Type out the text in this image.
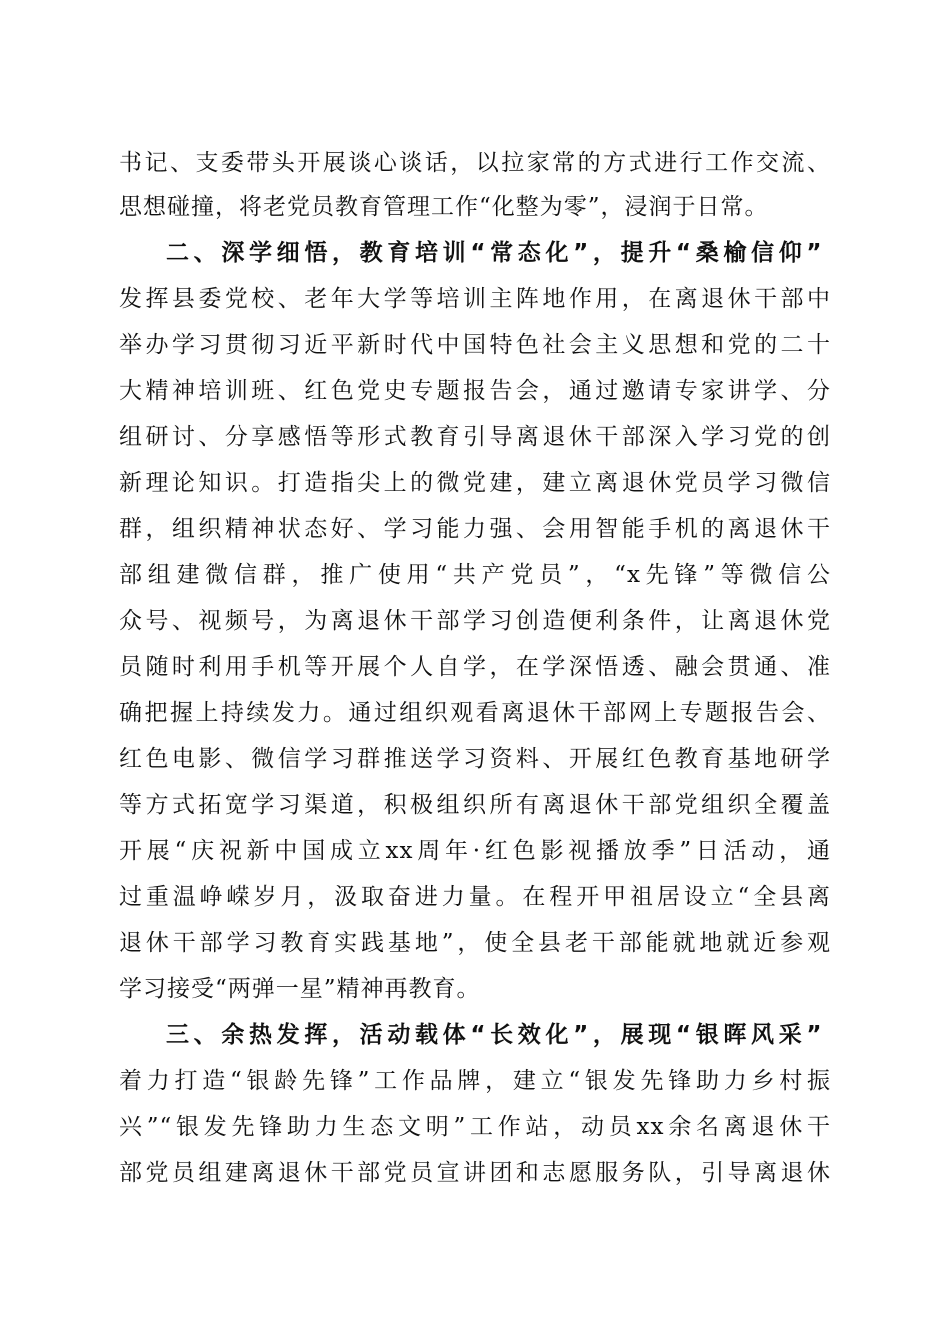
书记、支委带头开展谈心谈话，以拉家常的方式进行工作交流、
思想碰撞，将老党员教育管理工作“化整为零”，浸润于日常。
二、深学细悟，教育培训“常态化”，提升“桑榆信仰”
发挥县委党校、老年大学等培训主阵地作用，在离退休干部中
举办学习贯彻习近平新时代中国特色社会主义思想和党的二十
大精神培训班、红色党史专题报告会，通过邀请专家讲学、分
组研讨、分享感悟等形式教育引导离退休干部深入学习党的创
新理论知识。打造指尖上的微党建，建立离退休党员学习微信
群，组织精神状态好、学习能力强、会用智能手机的离退休干
部组建微信群，推广使用“共产党员”，“x先锋”等微信公
众号、视频号，为离退休干部学习创造便利条件，让离退休党
员随时利用手机等开展个人自学，在学深悟透、融会贯通、准
确把握上持续发力。通过组织观看离退休干部网上专题报告会、
红色电影、微信学习群推送学习资料、开展红色教育基地研学
等方式拓宽学习渠道，积极组织所有离退休干部党组织全覆盖
开展“庆祝新中国成立xx周年·红色影视播放季”日活动，通
过重温峥嵘岁月，汲取奋进力量。在程开甲祖居设立“全县离
退休干部学习教育实践基地”，使全县老干部能就地就近参观
学习接受“两弹一星”精神再教育。
三、余热发挥，活动载体“长效化”，展现“银晖风采”
着力打造“银龄先锋”工作品牌，建立“银发先锋助力乡村振
兴”“银发先锋助力生态文明”工作站，动员xx余名离退休干
部党员组建离退休干部党员宣讲团和志愿服务队，引导离退休
